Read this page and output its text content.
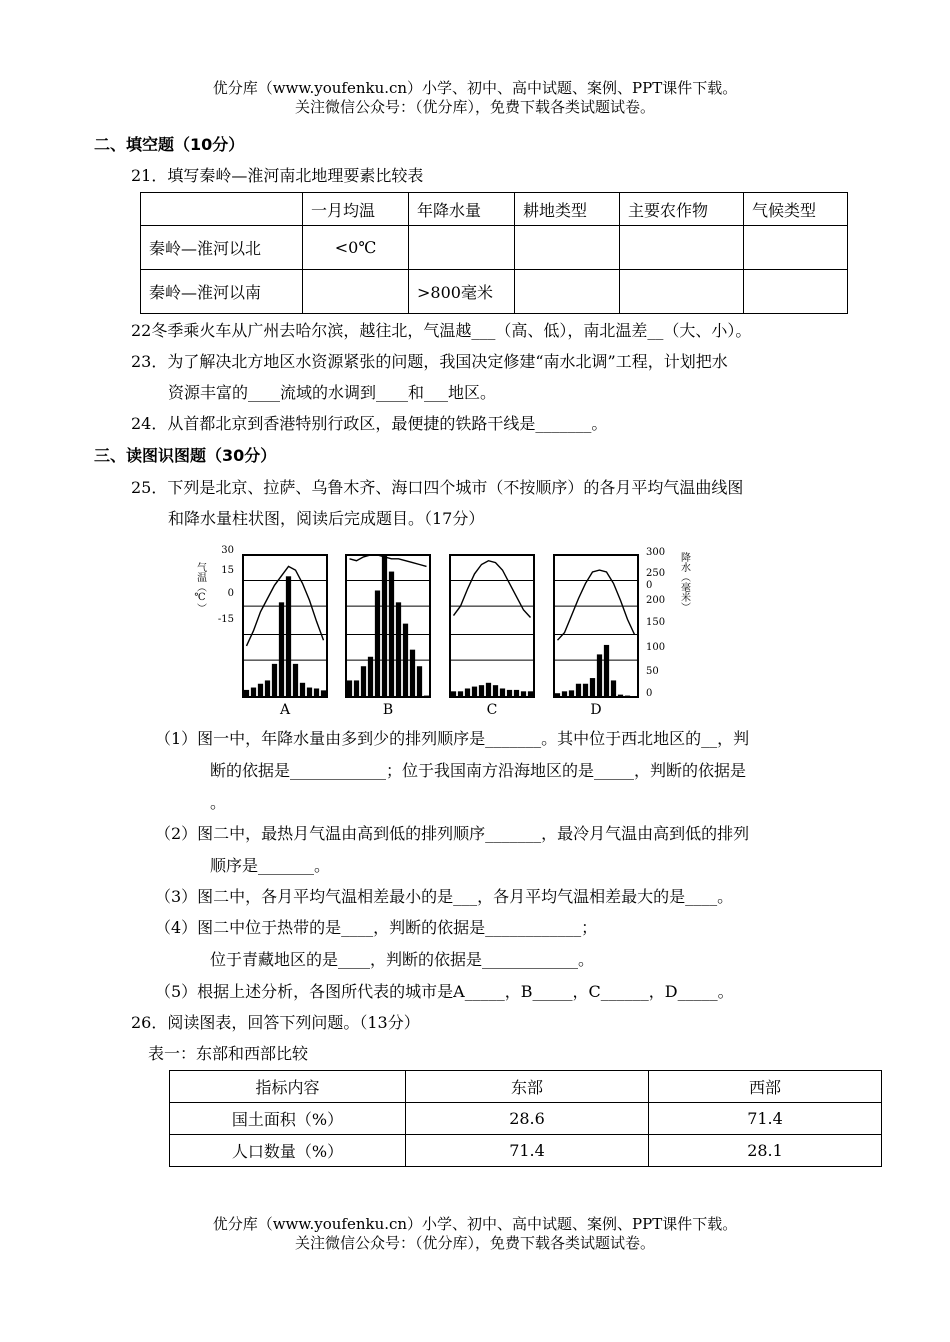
优分库（www.youfenku.cn）小学、初中、高中试题、案例、PPT课件下载。
关注微信公众号：（优分库），免费下载各类试题试卷。
二、填空题（10分）
21．填写秦岭—淮河南北地理要素比较表
	一月均温	年降水量	耕地类型	主要农作物	气候类型
秦岭—淮河以北	<0℃				
秦岭—淮河以南		>800毫米			
22冬季乘火车从广州去哈尔滨，越往北，气温越___（高、低），南北温差__（大、小）。
23．为了解决北方地区水资源紧张的问题，我国决定修建“南水北调”工程，计划把水
资源丰富的____流域的水调到____和___地区。
24．从首都北京到香港特别行政区，最便捷的铁路干线是_______。
三、读图识图题（30分）
25．下列是北京、拉萨、乌鲁木齐、海口四个城市（不按顺序）的各月平均气温曲线图
和降水量柱状图，阅读后完成题目。（17分）
30
15
0
-15
气温（℃）
300
250
0
200
150
100
50
0
降水（毫米）
A	B	C	D
（1）图一中，年降水量由多到少的排列顺序是_______。其中位于西北地区的__，判
断的依据是____________；位于我国南方沿海地区的是_____，判断的依据是
。
（2）图二中，最热月气温由高到低的排列顺序_______，最冷月气温由高到低的排列
顺序是_______。
（3）图二中，各月平均气温相差最小的是___，各月平均气温相差最大的是____。
（4）图二中位于热带的是____，判断的依据是____________；
位于青藏地区的是____，判断的依据是____________。
（5）根据上述分析，各图所代表的城市是A_____，B_____，C______，D_____。
26．阅读图表，回答下列问题。（13分）
表一：东部和西部比较
指标内容	东部	西部
国土面积（%）	28.6	71.4
人口数量（%）	71.4	28.1
优分库（www.youfenku.cn）小学、初中、高中试题、案例、PPT课件下载。
关注微信公众号：（优分库），免费下载各类试题试卷。
